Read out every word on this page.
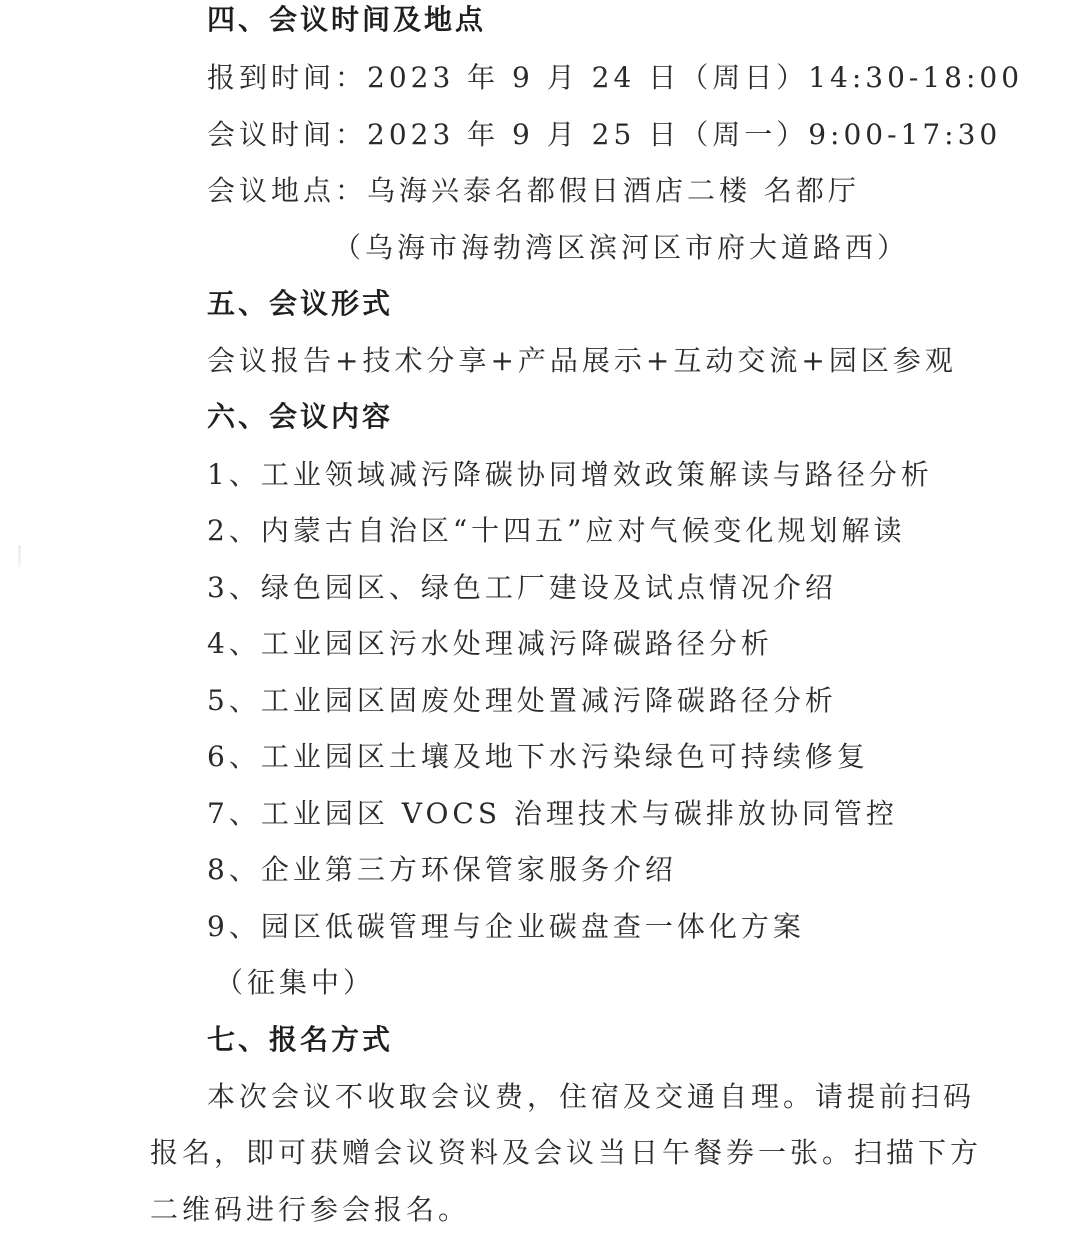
四、会议时间及地点
报到时间：2023 年 9 月 24 日（周日）14:30-18:00
会议时间：2023 年 9 月 25 日（周一）9:00-17:30
会议地点：乌海兴泰名都假日酒店二楼 名都厅
（乌海市海勃湾区滨河区市府大道路西）
五、会议形式
会议报告+技术分享+产品展示+互动交流+园区参观
六、会议内容
1、工业领域减污降碳协同增效政策解读与路径分析
2、内蒙古自治区“十四五”应对气候变化规划解读
3、绿色园区、绿色工厂建设及试点情况介绍
4、工业园区污水处理减污降碳路径分析
5、工业园区固废处理处置减污降碳路径分析
6、工业园区土壤及地下水污染绿色可持续修复
7、工业园区 VOCS 治理技术与碳排放协同管控
8、企业第三方环保管家服务介绍
9、园区低碳管理与企业碳盘查一体化方案
（征集中）
七、报名方式
本次会议不收取会议费，住宿及交通自理。请提前扫码
报名，即可获赠会议资料及会议当日午餐券一张。扫描下方
二维码进行参会报名。
